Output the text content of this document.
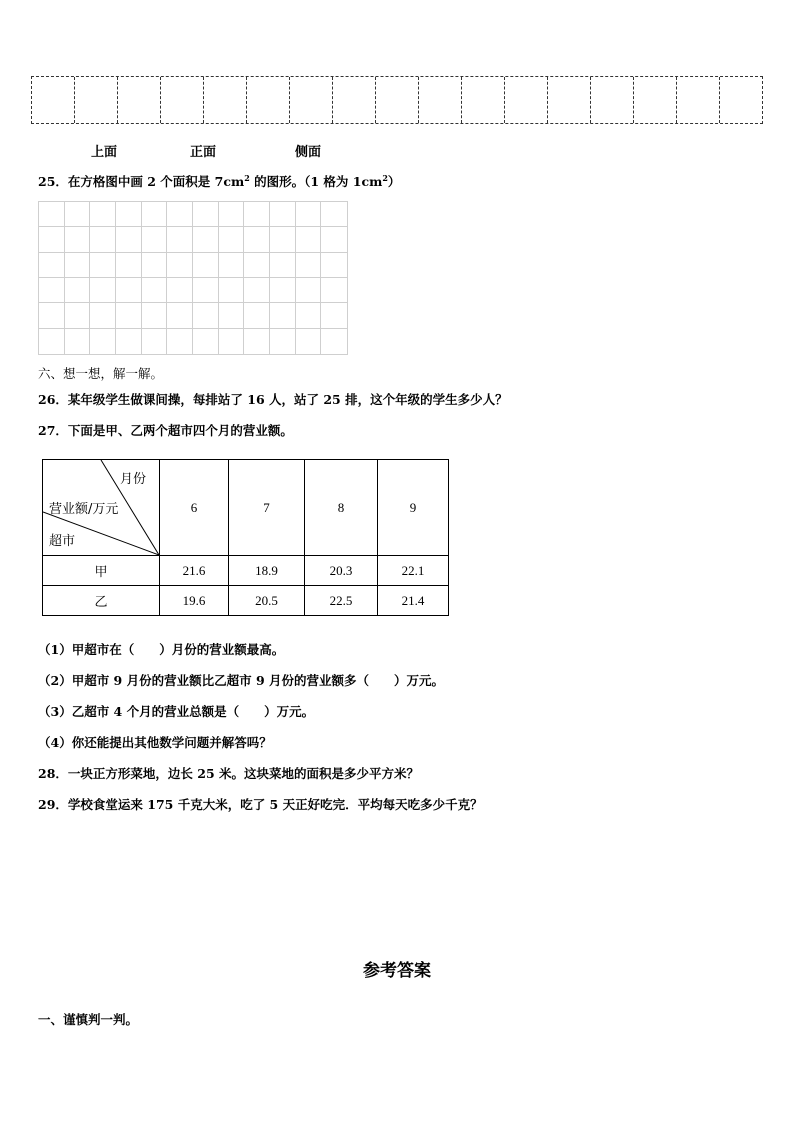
上面	正面	侧面
25．在方格图中画 2 个面积是 $7cm^2$ 的图形。（1 格为 $1cm^2$）
六、想一想，解一解。
26．某年级学生做课间操，每排站了 16 人，站了 25 排，这个年级的学生多少人？
27．下面是甲、乙两个超市四个月的营业额。
月份
营业额/万元
超市	6	7	8	9
甲	21.6	18.9	20.3	22.1
乙	19.6	20.5	22.5	21.4
（1）甲超市在（　　）月份的营业额最高。
（2）甲超市 9 月份的营业额比乙超市 9 月份的营业额多（　　）万元。
（3）乙超市 4 个月的营业总额是（　　）万元。
（4）你还能提出其他数学问题并解答吗？
28．一块正方形菜地，边长 25 米。这块菜地的面积是多少平方米？
29．学校食堂运来 175 千克大米，吃了 5 天正好吃完．平均每天吃多少千克？
参考答案
一、谨慎判一判。
